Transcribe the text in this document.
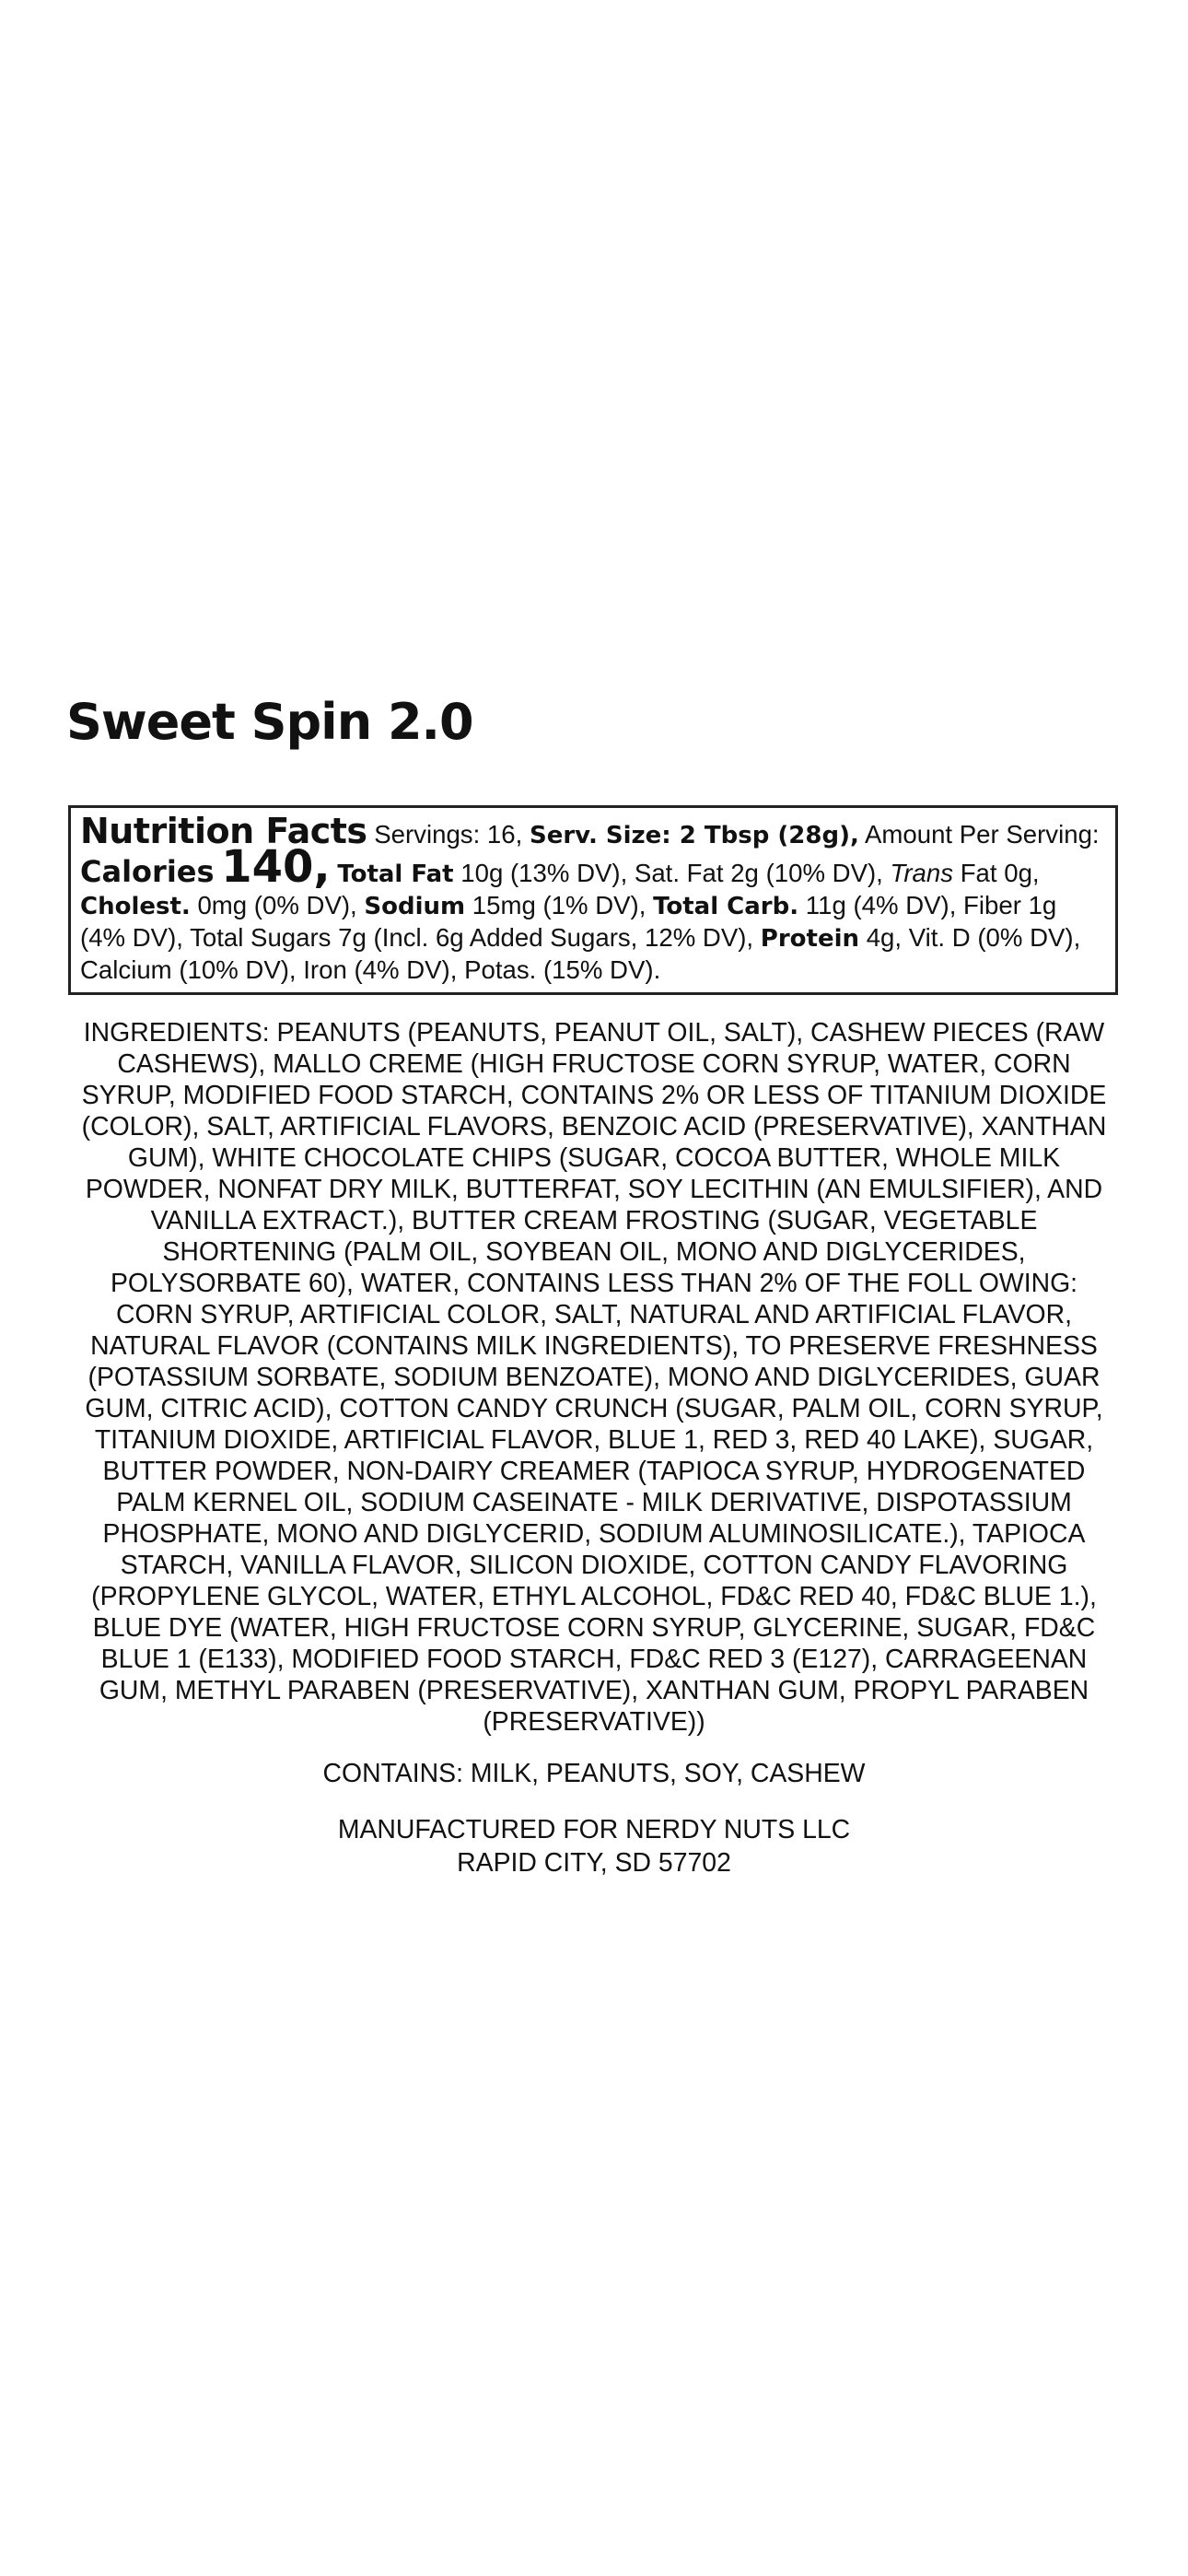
Sweet Spin 2.0
Nutrition Facts Servings: 16, Serv. Size: 2 Tbsp (28g), Amount Per Serving: Calories 140, Total Fat 10g (13% DV), Sat. Fat 2g (10% DV), Trans Fat 0g, Cholest. 0mg (0% DV), Sodium 15mg (1% DV), Total Carb. 11g (4% DV), Fiber 1g (4% DV), Total Sugars 7g (Incl. 6g Added Sugars, 12% DV), Protein 4g, Vit. D (0% DV), Calcium (10% DV), Iron (4% DV), Potas. (15% DV).

INGREDIENTS: PEANUTS (PEANUTS, PEANUT OIL, SALT), CASHEW PIECES (RAW CASHEWS), MALLO CREME (HIGH FRUCTOSE CORN SYRUP, WATER, CORN SYRUP, MODIFIED FOOD STARCH, CONTAINS 2% OR LESS OF TITANIUM DIOXIDE (COLOR), SALT, ARTIFICIAL FLAVORS, BENZOIC ACID (PRESERVATIVE), XANTHAN GUM), WHITE CHOCOLATE CHIPS (SUGAR, COCOA BUTTER, WHOLE MILK POWDER, NONFAT DRY MILK, BUTTERFAT, SOY LECITHIN (AN EMULSIFIER), AND VANILLA EXTRACT.), BUTTER CREAM FROSTING (SUGAR, VEGETABLE SHORTENING (PALM OIL, SOYBEAN OIL, MONO AND DIGLYCERIDES, POLYSORBATE 60), WATER, CONTAINS LESS THAN 2% OF THE FOLL OWING: CORN SYRUP, ARTIFICIAL COLOR, SALT, NATURAL AND ARTIFICIAL FLAVOR, NATURAL FLAVOR (CONTAINS MILK INGREDIENTS), TO PRESERVE FRESHNESS (POTASSIUM SORBATE, SODIUM BENZOATE), MONO AND DIGLYCERIDES, GUAR GUM, CITRIC ACID), COTTON CANDY CRUNCH (SUGAR, PALM OIL, CORN SYRUP, TITANIUM DIOXIDE, ARTIFICIAL FLAVOR, BLUE 1, RED 3, RED 40 LAKE), SUGAR, BUTTER POWDER, NON-DAIRY CREAMER (TAPIOCA SYRUP, HYDROGENATED PALM KERNEL OIL, SODIUM CASEINATE - MILK DERIVATIVE, DISPOTASSIUM PHOSPHATE, MONO AND DIGLYCERID, SODIUM ALUMINOSILICATE.), TAPIOCA STARCH, VANILLA FLAVOR, SILICON DIOXIDE, COTTON CANDY FLAVORING (PROPYLENE GLYCOL, WATER, ETHYL ALCOHOL, FD&C RED 40, FD&C BLUE 1.), BLUE DYE (WATER, HIGH FRUCTOSE CORN SYRUP, GLYCERINE, SUGAR, FD&C BLUE 1 (E133), MODIFIED FOOD STARCH, FD&C RED 3 (E127), CARRAGEENAN GUM, METHYL PARABEN (PRESERVATIVE), XANTHAN GUM, PROPYL PARABEN (PRESERVATIVE))

CONTAINS: MILK, PEANUTS, SOY, CASHEW

MANUFACTURED FOR NERDY NUTS LLC
RAPID CITY, SD 57702
